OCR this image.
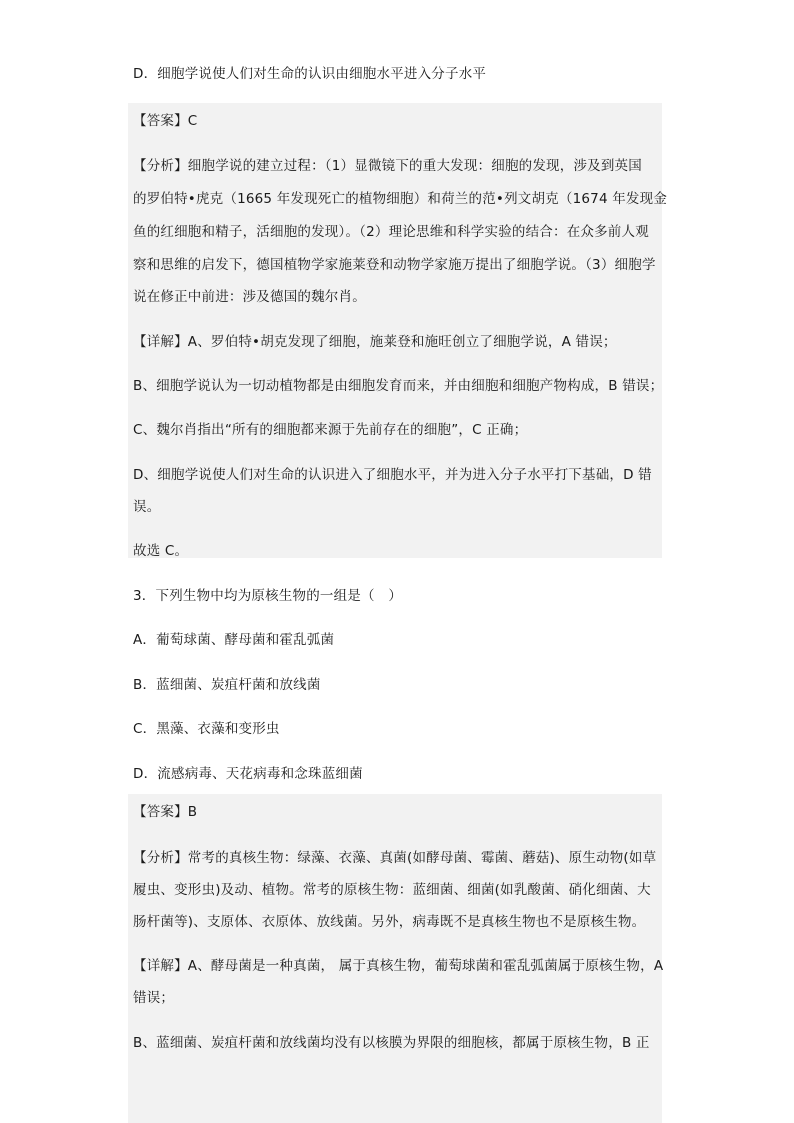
D．细胞学说使人们对生命的认识由细胞水平进入分子水平
【答案】C
【分析】细胞学说的建立过程：（1）显微镜下的重大发现：细胞的发现，涉及到英国
的罗伯特•虎克（1665 年发现死亡的植物细胞）和荷兰的范•列文胡克（1674 年发现金
鱼的红细胞和精子，活细胞的发现）。（2）理论思维和科学实验的结合：在众多前人观
察和思维的启发下，德国植物学家施莱登和动物学家施万提出了细胞学说。（3）细胞学
说在修正中前进：涉及德国的魏尔肖。
【详解】A、罗伯特•胡克发现了细胞，施莱登和施旺创立了细胞学说，A 错误；
B、细胞学说认为一切动植物都是由细胞发育而来，并由细胞和细胞产物构成，B 错误；
C、魏尔肖指出“所有的细胞都来源于先前存在的细胞”，C 正确；
D、细胞学说使人们对生命的认识进入了细胞水平，并为进入分子水平打下基础，D 错
误。
故选 C。
3．下列生物中均为原核生物的一组是（　）
A．葡萄球菌、酵母菌和霍乱弧菌
B．蓝细菌、炭疽杆菌和放线菌
C．黑藻、衣藻和变形虫
D．流感病毒、天花病毒和念珠蓝细菌
【答案】B
【分析】常考的真核生物：绿藻、衣藻、真菌(如酵母菌、霉菌、蘑菇)、原生动物(如草
履虫、变形虫)及动、植物。常考的原核生物：蓝细菌、细菌(如乳酸菌、硝化细菌、大
肠杆菌等)、支原体、衣原体、放线菌。另外，病毒既不是真核生物也不是原核生物。
【详解】A、酵母菌是一种真菌， 属于真核生物，葡萄球菌和霍乱弧菌属于原核生物，A
错误；
B、蓝细菌、炭疽杆菌和放线菌均没有以核膜为界限的细胞核，都属于原核生物，B 正
